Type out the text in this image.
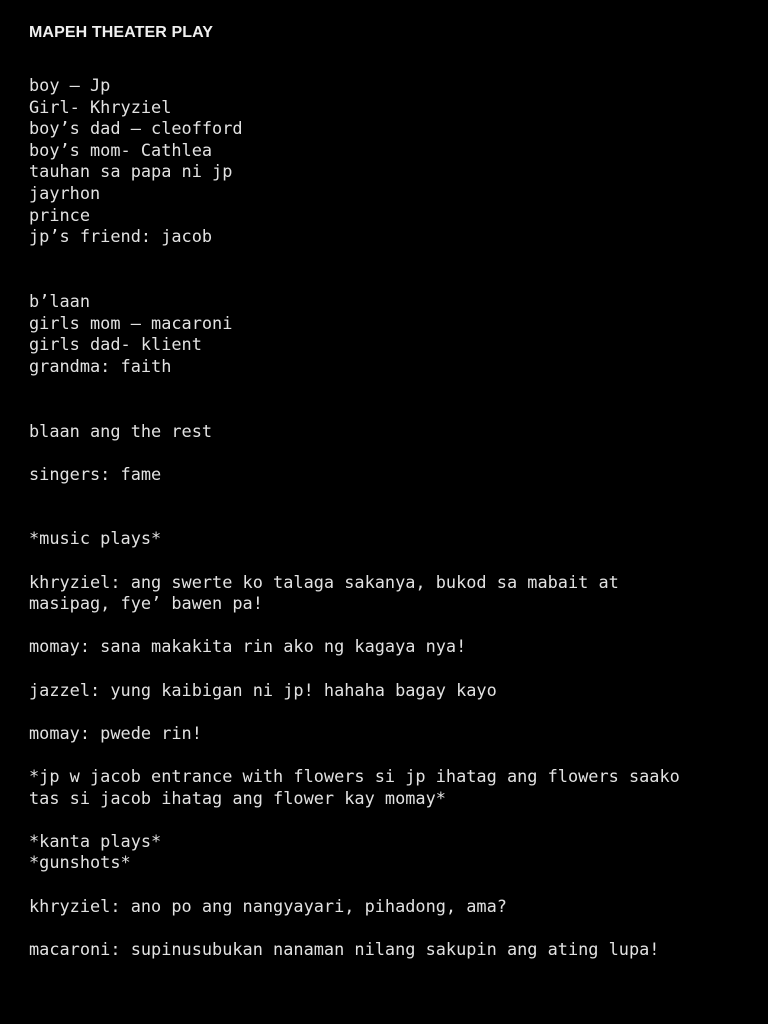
MAPEH THEATER PLAY
boy – Jp
Girl- Khryziel
boy’s dad – cleofford
boy’s mom- Cathlea
tauhan sa papa ni jp
jayrhon
prince
jp’s friend: jacob
b’laan
girls mom – macaroni
girls dad- klient
grandma: faith
blaan ang the rest
singers: fame
*music plays*
khryziel: ang swerte ko talaga sakanya, bukod sa mabait at
masipag, fye’ bawen pa!
momay: sana makakita rin ako ng kagaya nya!
jazzel: yung kaibigan ni jp! hahaha bagay kayo
momay: pwede rin!
*jp w jacob entrance with flowers si jp ihatag ang flowers saako
tas si jacob ihatag ang flower kay momay*
*kanta plays*
*gunshots*
khryziel: ano po ang nangyayari, pihadong, ama?
macaroni: supinusubukan nanaman nilang sakupin ang ating lupa!
